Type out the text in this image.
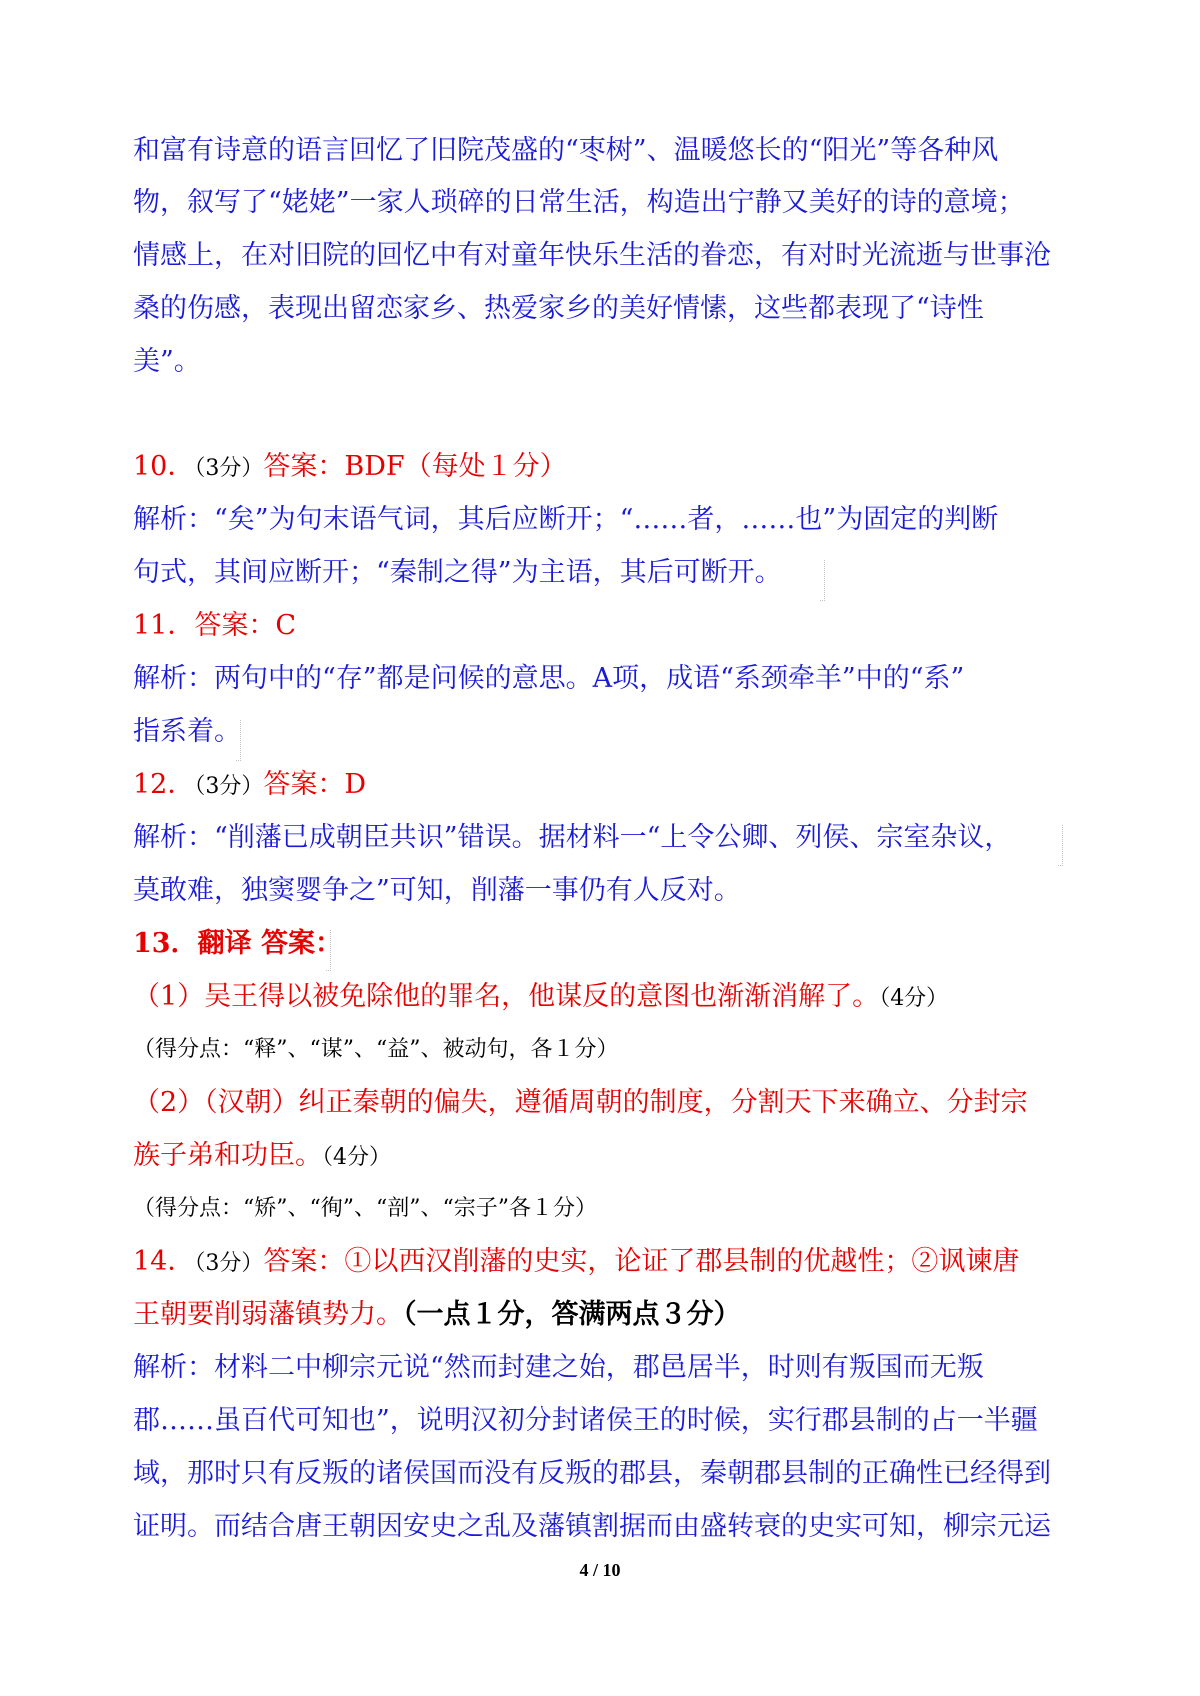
和富有诗意的语言回忆了旧院茂盛的“枣树”、温暖悠长的“阳光”等各种风
物，叙写了“姥姥”一家人琐碎的日常生活，构造出宁静又美好的诗的意境；
情感上，在对旧院的回忆中有对童年快乐生活的眷恋，有对时光流逝与世事沧
桑的伤感，表现出留恋家乡、热爱家乡的美好情愫，这些都表现了“诗性
美”。
10．（3分）答案：BDF（每处１分）
解析：“矣”为句末语气词，其后应断开；“……者，……也”为固定的判断
句式，其间应断开；“秦制之得”为主语，其后可断开。
11．答案：C
解析：两句中的“存”都是问候的意思。A项，成语“系颈牵羊”中的“系”
指系着。
12．（3分）答案：D
解析：“削藩已成朝臣共识”错误。据材料一“上令公卿、列侯、宗室杂议，
莫敢难，独窦婴争之”可知，削藩一事仍有人反对。
13．翻译 答案：
（1）吴王得以被免除他的罪名，他谋反的意图也渐渐消解了。（4分）
（得分点：“释”、“谋”、“益”、被动句，各１分）
（2）（汉朝）纠正秦朝的偏失，遵循周朝的制度，分割天下来确立、分封宗
族子弟和功臣。（4分）
（得分点：“矫”、“徇”、“剖”、“宗子”各１分）
14．（3分）答案：①以西汉削藩的史实，论证了郡县制的优越性；②讽谏唐
王朝要削弱藩镇势力。（一点１分，答满两点３分）
解析：材料二中柳宗元说“然而封建之始，郡邑居半，时则有叛国而无叛
郡……虽百代可知也”，说明汉初分封诸侯王的时候，实行郡县制的占一半疆
域，那时只有反叛的诸侯国而没有反叛的郡县，秦朝郡县制的正确性已经得到
证明。而结合唐王朝因安史之乱及藩镇割据而由盛转衰的史实可知，柳宗元运
4 / 10
